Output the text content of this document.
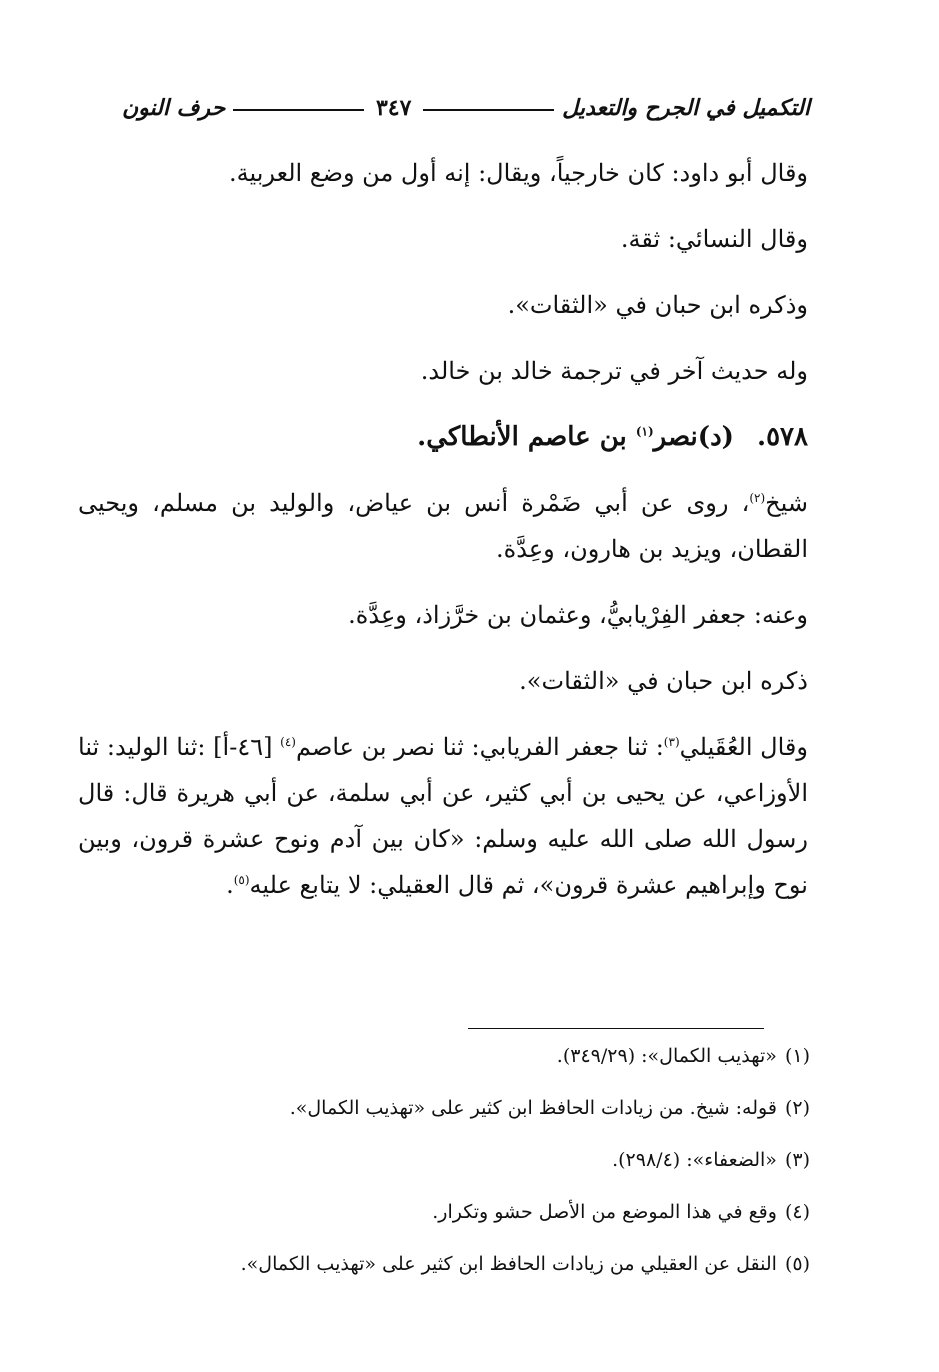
التكميل في الجرح والتعديل
٣٤٧
حرف النون

وقال أبو داود: كان خارجياً، ويقال: إنه أول من وضع العربية.

وقال النسائي: ثقة.

وذكره ابن حبان في «الثقات».

وله حديث آخر في ترجمة خالد بن خالد.

٥٧٨. (د)نصر$^{(١)}$ بن عاصم الأنطاكي.

شيخ$^{(٢)}$، روى عن أبي ضَمْرة أنس بن عياض، والوليد بن مسلم، ويحيى القطان، ويزيد بن هارون، وعِدَّة.

وعنه: جعفر الفِرْيابيُّ، وعثمان بن خرَّزاذ، وعِدَّة.

ذكره ابن حبان في «الثقات».

وقال العُقَيلي$^{(٣)}$: ثنا جعفر الفريابي: ثنا نصر بن عاصم$^{(٤)}$ [٤٦-أ] :ثنا الوليد: ثنا الأوزاعي، عن يحيى بن أبي كثير، عن أبي سلمة، عن أبي هريرة قال: قال رسول الله صلى الله عليه وسلم: «كان بين آدم ونوح عشرة قرون، وبين نوح وإبراهيم عشرة قرون»، ثم قال العقيلي: لا يتابع عليه$^{(٥)}$.

(١)«تهذيب الكمال»: (٣٤٩/٢٩).
(٢)قوله: شيخ. من زيادات الحافظ ابن كثير على «تهذيب الكمال».
(٣)«الضعفاء»: (٢٩٨/٤).
(٤)وقع في هذا الموضع من الأصل حشو وتكرار.
(٥)النقل عن العقيلي من زيادات الحافظ ابن كثير على «تهذيب الكمال».
